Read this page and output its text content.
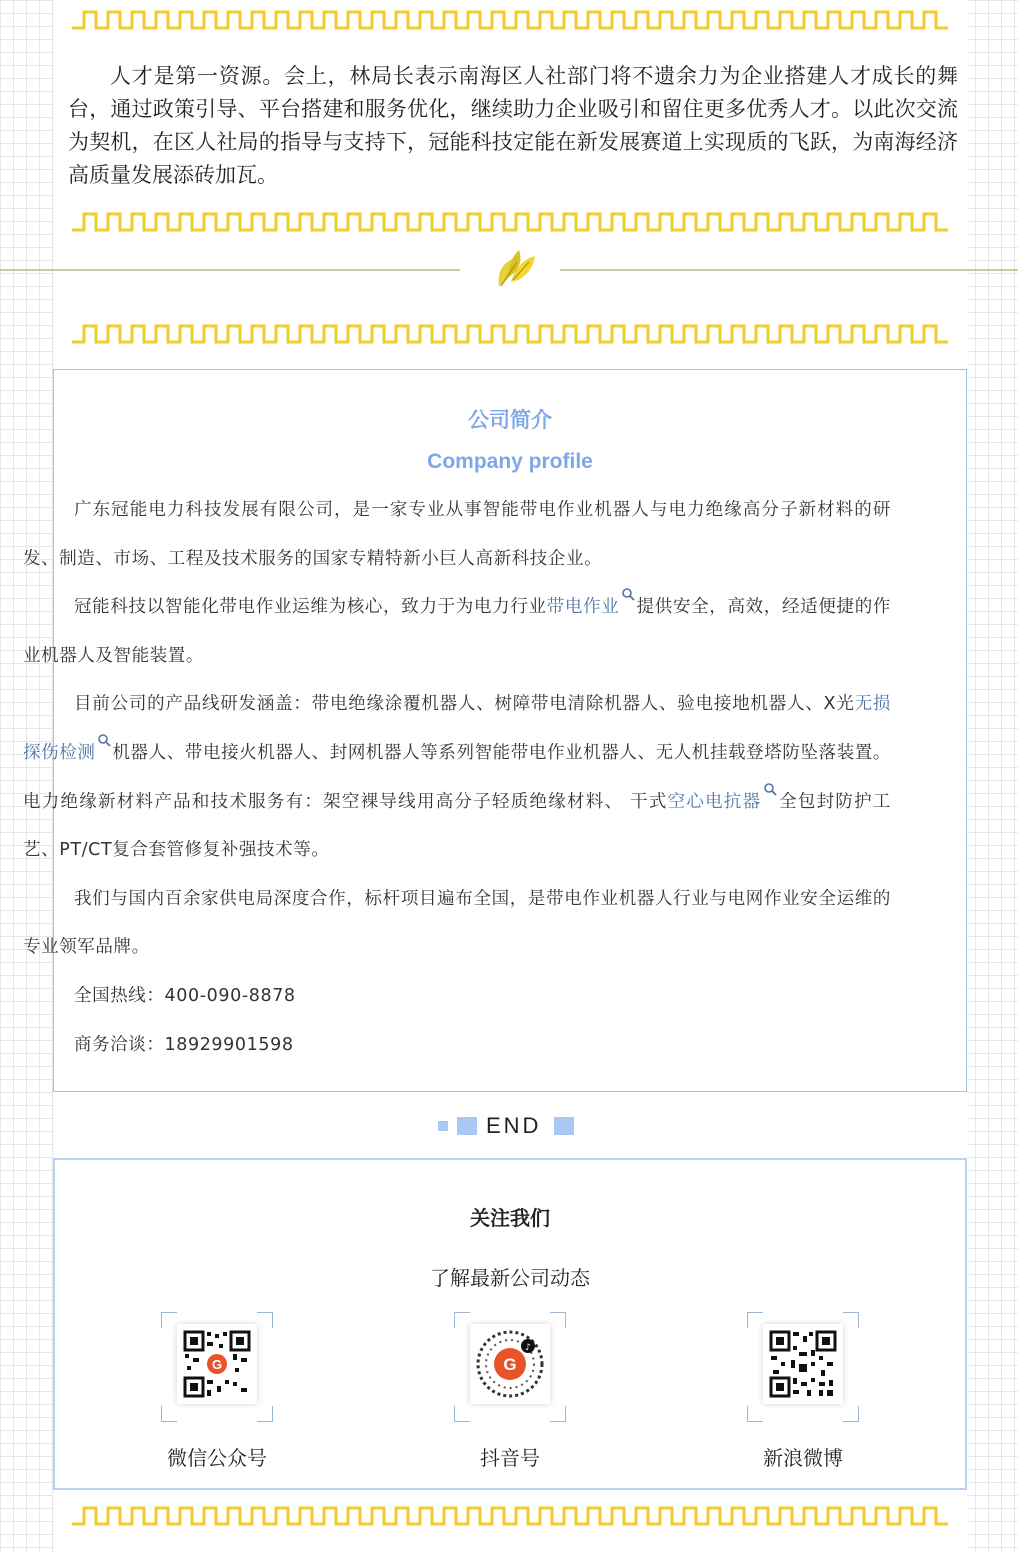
人才是第一资源。会上，林局长表示南海区人社部门将不遗余力为企业搭建人才成长的舞台，通过政策引导、平台搭建和服务优化，继续助力企业吸引和留住更多优秀人才。以此次交流为契机，在区人社局的指导与支持下，冠能科技定能在新发展赛道上实现质的飞跃，为南海经济高质量发展添砖加瓦。

公司简介
Company profile

广东冠能电力科技发展有限公司，是一家专业从事智能带电作业机器人与电力绝缘高分子新材料的研发、制造、市场、工程及技术服务的国家专精特新小巨人高新科技企业。

冠能科技以智能化带电作业运维为核心，致力于为电力行业带电作业 提供安全，高效，经适便捷的作业机器人及智能装置。

目前公司的产品线研发涵盖：带电绝缘涂覆机器人、树障带电清除机器人、验电接地机器人、X光无损探伤检测 机器人、带电接火机器人、封网机器人等系列智能带电作业机器人、无人机挂载登塔防坠落装置。电力绝缘新材料产品和技术服务有：架空裸导线用高分子轻质绝缘材料、 干式空心电抗器 全包封防护工艺、PT/CT复合套管修复补强技术等。

我们与国内百余家供电局深度合作，标杆项目遍布全国，是带电作业机器人行业与电网作业安全运维的专业领军品牌。

全国热线：400-090-8878

商务洽谈：18929901598

END
关注我们
了解最新公司动态
G
微信公众号
G
♪
抖音号	新浪微博
